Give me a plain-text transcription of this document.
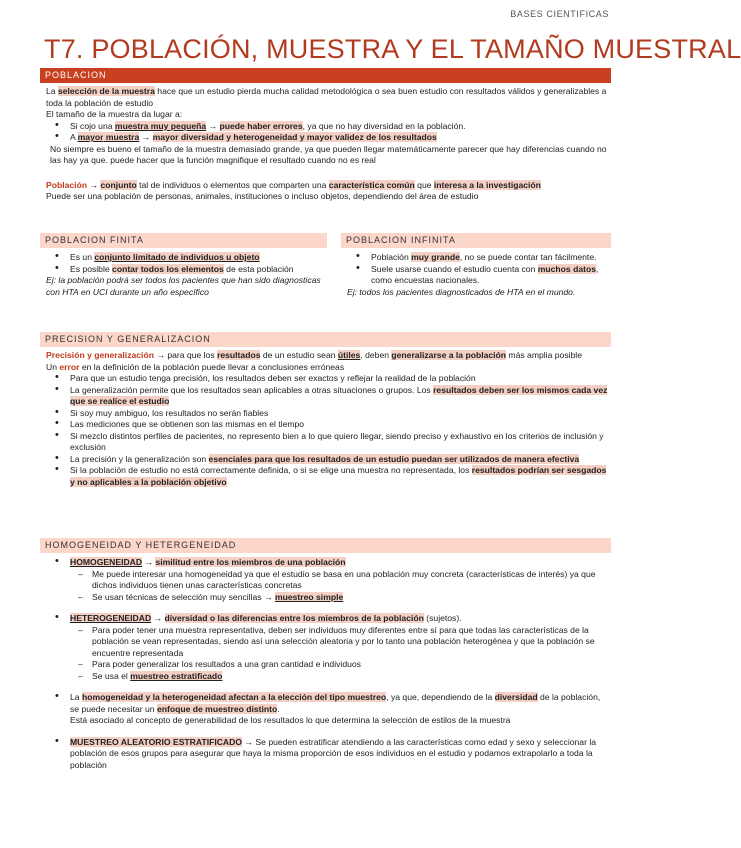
BASES CIENTIFICAS
T7. POBLACIÓN, MUESTRA Y EL TAMAÑO MUESTRAL
POBLACION

La selección de la muestra hace que un estudio pierda mucha calidad metodológica o sea buen estudio con resultados válidos y generalizables a toda la población de estudio

El tamaño de la muestra da lugar a:

• Si cojo una muestra muy pequeña → puede haber errores, ya que no hay diversidad en la población.
• A mayor muestra → mayor diversidad y heterogeneidad y mayor validez de los resultados

No siempre es bueno el tamaño de la muestra demasiado grande, ya que pueden llegar matemáticamente parecer que hay diferencias cuando no las hay ya que. puede hacer que la función magnifique el resultado cuando no es real

Población → conjunto tal de individuos o elementos que comparten una característica común que interesa a la investigación

Puede ser una población de personas, animales, instituciones o incluso objetos, dependiendo del área de estudio

POBLACION FINITA	POBLACION INFINITA
• Es un conjunto limitado de individuos u objeto
• Es posible contar todos los elementos de esta población

Ej: la población podrá ser todos los pacientes que han sido diagnosticas con HTA en UCI durante un año específico

• Población muy grande, no se puede contar tan fácilmente.
• Suele usarse cuando el estudio cuenta con muchos datos, como encuestas nacionales.

Ej: todos los pacientes diagnosticados de HTA en el mundo.

PRECISION Y GENERALIZACION

Precisión y generalización → para que los resultados de un estudio sean útiles, deben generalizarse a la población más amplia posible

Un error en la definición de la población puede llevar a conclusiones erróneas

• Para que un estudio tenga precisión, los resultados deben ser exactos y reflejar la realidad de la población
• La generalización permite que los resultados sean aplicables a otras situaciones o grupos. Los resultados deben ser los mismos cada vez que se realice el estudio
• Si soy muy ambiguo, los resultados no serán fiables
• Las mediciones que se obtienen son las mismas en el tiempo
• Si mezclo distintos perfiles de pacientes, no represento bien a lo que quiero llegar, siendo preciso y exhaustivo en los criterios de inclusión y exclusión
• La precisión y la generalización son esenciales para que los resultados de un estudio puedan ser utilizados de manera efectiva
• Si la población de estudio no está correctamente definida, o si se elige una muestra no representada, los resultados podrían ser sesgados y no aplicables a la población objetivo
HOMOGENEIDAD Y HETERGENEIDAD
• HOMOGENEIDAD → similitud entre los miembros de una población
– Me puede interesar una homogeneidad ya que el estudio se basa en una población muy concreta (características de interés) ya que dichos individuos tienen unas características concretas
– Se usan técnicas de selección muy sencillas → muestreo simple
• HETEROGENEIDAD → diversidad o las diferencias entre los miembros de la población (sujetos).
– Para poder tener una muestra representativa, deben ser individuos muy diferentes entre sí para que todas las características de la población se vean representadas, siendo así una selección aleatoria y por lo tanto una población heterogénea y que la población se encuentre representada
– Para poder generalizar los resultados a una gran cantidad e individuos
– Se usa el muestreo estratificado
• La homogeneidad y la heterogeneidad afectan a la elección del tipo muestreo, ya que, dependiendo de la diversidad de la población, se puede necesitar un enfoque de muestreo distinto.
Está asociado al concepto de generabilidad de los resultados lo que determina la selección de estilos de la muestra
• MUESTREO ALEATORIO ESTRATIFICADO → Se pueden estratificar atendiendo a las características como edad y sexo y seleccionar la población de esos grupos para asegurar que haya la misma proporción de esos individuos en el estudio y podamos extrapolarlo a toda la población
